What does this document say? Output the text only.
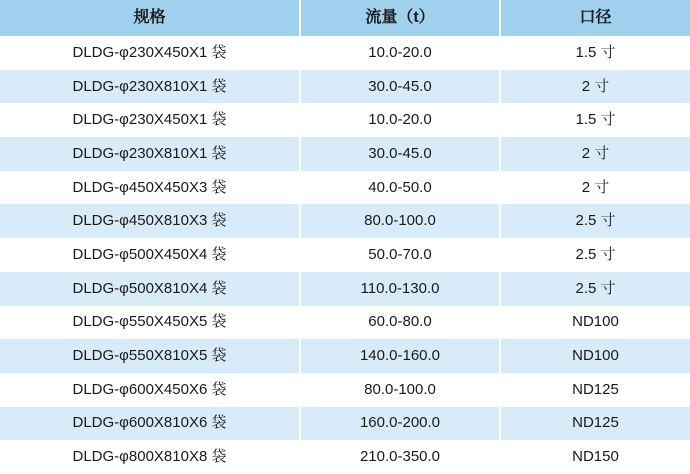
规格	流量（t）	口径
DLDG-φ230X450X1 袋	10.0-20.0	1.5 寸
DLDG-φ230X810X1 袋	30.0-45.0	2 寸
DLDG-φ230X450X1 袋	10.0-20.0	1.5 寸
DLDG-φ230X810X1 袋	30.0-45.0	2 寸
DLDG-φ450X450X3 袋	40.0-50.0	2 寸
DLDG-φ450X810X3 袋	80.0-100.0	2.5 寸
DLDG-φ500X450X4 袋	50.0-70.0	2.5 寸
DLDG-φ500X810X4 袋	110.0-130.0	2.5 寸
DLDG-φ550X450X5 袋	60.0-80.0	ND100
DLDG-φ550X810X5 袋	140.0-160.0	ND100
DLDG-φ600X450X6 袋	80.0-100.0	ND125
DLDG-φ600X810X6 袋	160.0-200.0	ND125
DLDG-φ800X810X8 袋	210.0-350.0	ND150
